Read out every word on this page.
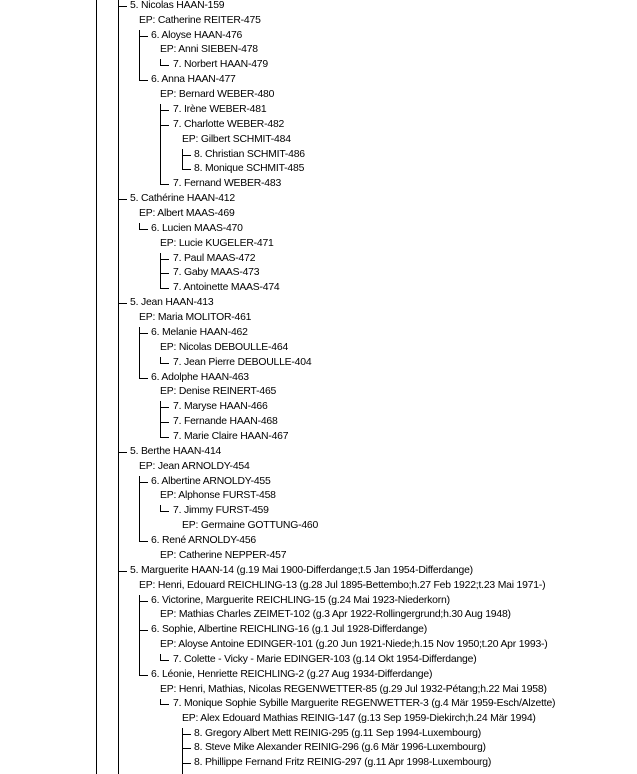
5. Nicolas HAAN-159
EP: Catherine REITER-475
6. Aloyse HAAN-476
EP: Anni SIEBEN-478
7. Norbert HAAN-479
6. Anna HAAN-477
EP: Bernard WEBER-480
7. Irène WEBER-481
7. Charlotte WEBER-482
EP: Gilbert SCHMIT-484
8. Christian SCHMIT-486
8. Monique SCHMIT-485
7. Fernand WEBER-483
5. Cathérine HAAN-412
EP: Albert MAAS-469
6. Lucien MAAS-470
EP: Lucie KUGELER-471
7. Paul MAAS-472
7. Gaby MAAS-473
7. Antoinette MAAS-474
5. Jean HAAN-413
EP: Maria MOLITOR-461
6. Melanie HAAN-462
EP: Nicolas DEBOULLE-464
7. Jean Pierre DEBOULLE-404
6. Adolphe HAAN-463
EP: Denise REINERT-465
7. Maryse HAAN-466
7. Fernande HAAN-468
7. Marie Claire HAAN-467
5. Berthe HAAN-414
EP: Jean ARNOLDY-454
6. Albertine ARNOLDY-455
EP: Alphonse FURST-458
7. Jimmy FURST-459
EP: Germaine GOTTUNG-460
6. René ARNOLDY-456
EP: Catherine NEPPER-457
5. Marguerite HAAN-14 (g.19 Mai 1900-Differdange;t.5 Jan 1954-Differdange)
EP: Henri, Edouard REICHLING-13 (g.28 Jul 1895-Bettembo;h.27 Feb 1922;t.23 Mai 1971-)
6. Victorine, Marguerite REICHLING-15 (g.24 Mai 1923-Niederkorn)
EP: Mathias Charles ZEIMET-102 (g.3 Apr 1922-Rollingergrund;h.30 Aug 1948)
6. Sophie, Albertine REICHLING-16 (g.1 Jul 1928-Differdange)
EP: Aloyse Antoine EDINGER-101 (g.20 Jun 1921-Niede;h.15 Nov 1950;t.20 Apr 1993-)
7. Colette - Vicky - Marie EDINGER-103 (g.14 Okt 1954-Differdange)
6. Léonie, Henriette REICHLING-2 (g.27 Aug 1934-Differdange)
EP: Henri, Mathias, Nicolas REGENWETTER-85 (g.29 Jul 1932-Pétang;h.22 Mai 1958)
7. Monique Sophie Sybille Marguerite REGENWETTER-3 (g.4 Mär 1959-Esch/Alzette)
EP: Alex Edouard Mathias REINIG-147 (g.13 Sep 1959-Diekirch;h.24 Mär 1994)
8. Gregory Albert Mett REINIG-295 (g.11 Sep 1994-Luxembourg)
8. Steve Mike Alexander REINIG-296 (g.6 Mär 1996-Luxembourg)
8. Phillippe Fernand Fritz REINIG-297 (g.11 Apr 1998-Luxembourg)
